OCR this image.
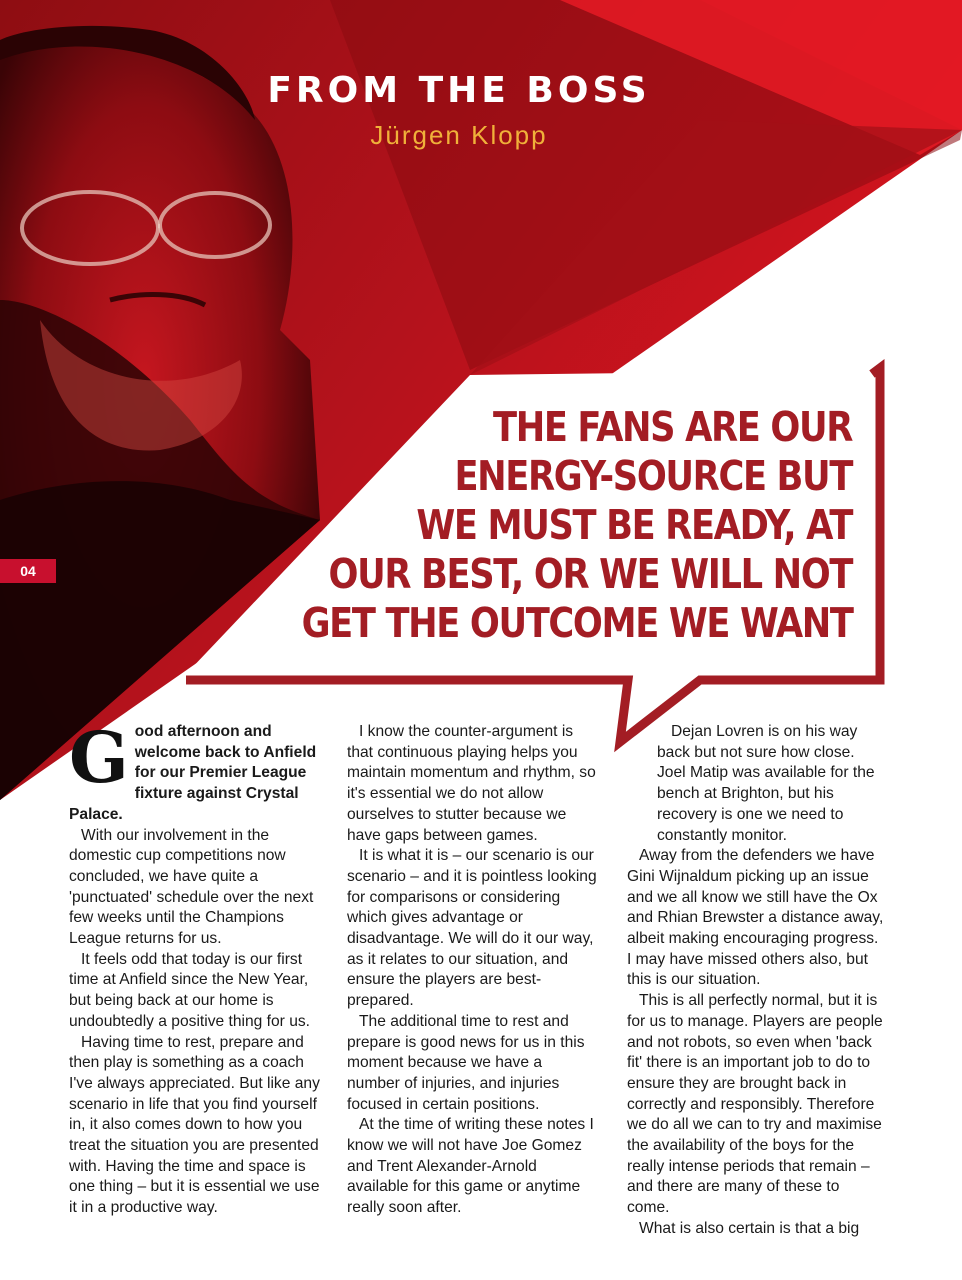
FROM THE BOSS
Jürgen Klopp
04
THE FANS ARE OUR
ENERGY-SOURCE BUT
WE MUST BE READY, AT
OUR BEST, OR WE WILL NOT
GET THE OUTCOME WE WANT

G ood afternoon and welcome back to Anfield for our Premier League fixture against Crystal Palace.

With our involvement in the domestic cup competitions now concluded, we have quite a 'punctuated' schedule over the next few weeks until the Champions League returns for us.

It feels odd that today is our first time at Anfield since the New Year, but being back at our home is undoubtedly a positive thing for us.

Having time to rest, prepare and then play is something as a coach I've always appreciated. But like any scenario in life that you find yourself in, it also comes down to how you treat the situation you are presented with. Having the time and space is one thing – but it is essential we use it in a productive way.

I know the counter-argument is that continuous playing helps you maintain momentum and rhythm, so it's essential we do not allow ourselves to stutter because we have gaps between games.

It is what it is – our scenario is our scenario – and it is pointless looking for comparisons or considering which gives advantage or disadvantage. We will do it our way, as it relates to our situation, and ensure the players are best-prepared.

The additional time to rest and prepare is good news for us in this moment because we have a number of injuries, and injuries focused in certain positions.

At the time of writing these notes I know we will not have Joe Gomez and Trent Alexander-Arnold available for this game or anytime really soon after.

Dejan Lovren is on his way back but not sure how close. Joel Matip was available for the bench at Brighton, but his recovery is one we need to constantly monitor.

Away from the defenders we have Gini Wijnaldum picking up an issue and we all know we still have the Ox and Rhian Brewster a distance away, albeit making encouraging progress. I may have missed others also, but this is our situation.

This is all perfectly normal, but it is for us to manage. Players are people and not robots, so even when 'back fit' there is an important job to do to ensure they are brought back in correctly and responsibly. Therefore we do all we can to try and maximise the availability of the boys for the really intense periods that remain – and there are many of these to come.

What is also certain is that a big
